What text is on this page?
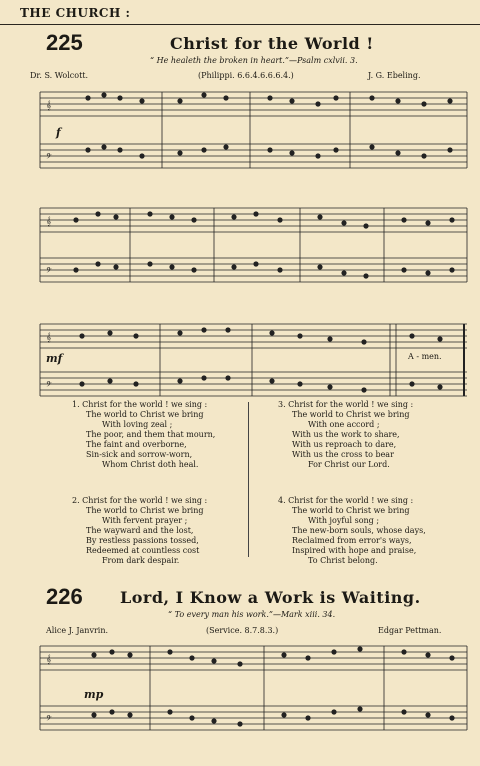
THE CHURCH :
225	Christ for the World !
“ He healeth the broken in heart.”—Psalm cxlvii. 3.
Dr. S. Wolcott.	(Philippi. 6.6.4.6.6.6.4.)	J. G. Ebeling.
𝄞
𝄢
f
𝄞
𝄢
𝄞
𝄢
mf	A - men.
1. Christ for the world ! we sing :
The world to Christ we bring
With loving zeal ;
The poor, and them that mourn,
The faint and overborne,
Sin-sick and sorrow-worn,
Whom Christ doth heal.
2. Christ for the world ! we sing :
The world to Christ we bring
With fervent prayer ;
The wayward and the lost,
By restless passions tossed,
Redeemed at countless cost
From dark despair.
3. Christ for the world ! we sing :
The world to Christ we bring
With one accord ;
With us the work to share,
With us reproach to dare,
With us the cross to bear
For Christ our Lord.
4. Christ for the world ! we sing :
The world to Christ we bring
With joyful song ;
The new-born souls, whose days,
Reclaimed from error's ways,
Inspired with hope and praise,
To Christ belong.
226 Lord, I Know a Work is Waiting.
“ To every man his work.”—Mark xiii. 34.
Alice J. Janvrin.	(Service. 8.7.8.3.)	Edgar Pettman.
𝄞
𝄢
mp
